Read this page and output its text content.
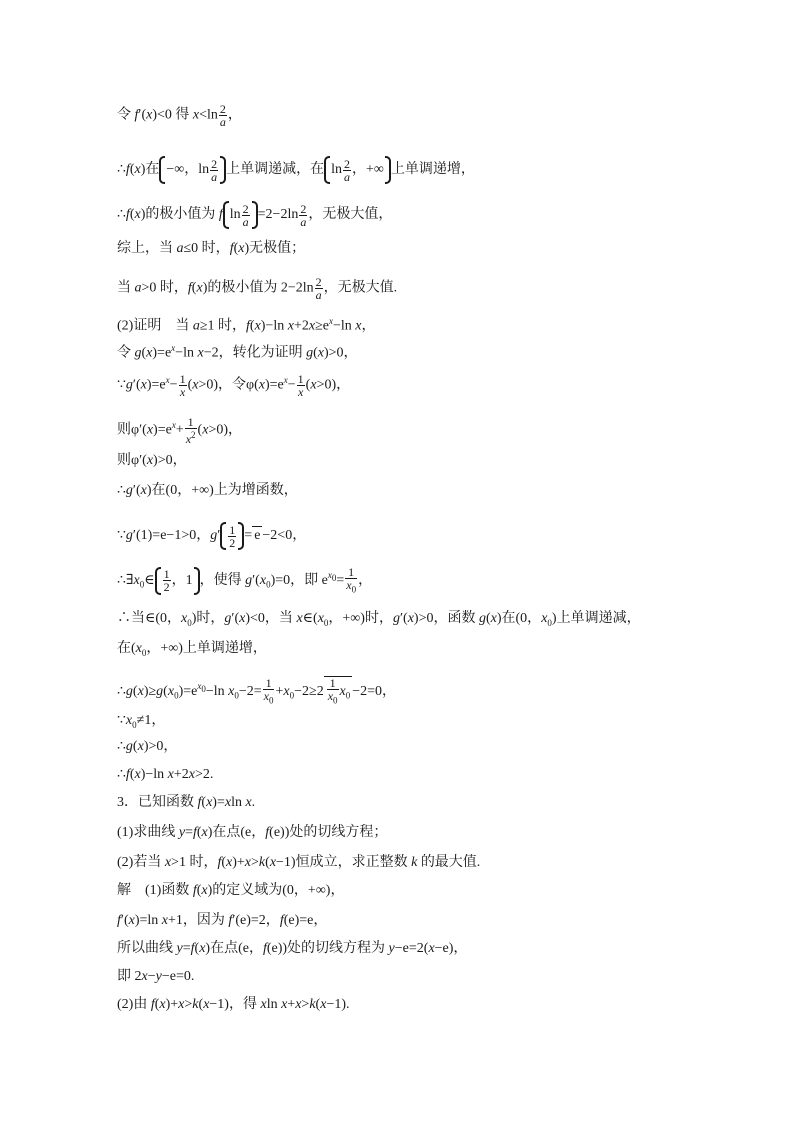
令 f′(x)<0 得 $x<\ln \frac{2}{a}$ ，
∴f(x)在 −∞，$\ln \frac{2}{a}$ 上单调递减，在 $\ln \frac{2}{a}$ ，+∞ 上单调递增，
∴f(x)的极小值为 f $\ln \frac{2}{a} =2-2\ln \frac{2}{a}$ ，无极大值，
综上，当 a≤0 时，f(x)无极值；
当 a>0 时，f(x)的极小值为 $2-2\ln \frac{2}{a}$ ，无极大值.
(2)证明　当 a≥1 时，f(x)−ln $x+2x\ge e^x-\ln$ x，
令 $g(x)=e^x-\ln$ x−2，转化为证明 g(x)>0，
$\because g'(x)=e^x- \frac{1}{x} (x>0)$，令$\varphi(x)=e^x- \frac{1}{x} (x>0)$，
则$\varphi'(x)=e^x+ \frac{1}{x^2} (x>0)$，
则φ′(x)>0，
∴g′(x)在(0，+∞)上为增函数，
∵g′(1)=e−1>0，$g' \frac{1}{2} = e -2<0$，
$\therefore\exists x_0\in \frac{1}{2}$ ，1 ，使得 $g'(x_0)=0$，即 $e^{x_0}= \frac{1}{x_0}$ ，
∴当∈(0，$x_0$)时，g′(x)<0，当 $x\in(x_0$，+∞)时，g′(x)>0，函数 g(x)在(0，$x_0$)上单调递减，
在($x_0$，+∞)上单调递增，
$\therefore g(x)\ge g(x_0)=e^{x_0}-\ln$ $x_0-2= \frac{1}{x_0} +x_0-2\ge 2 \frac{1}{x_0} x_0 -2=0$，
$\because x_0\ne 1$，
∴g(x)>0，
∴f(x)−ln x+2x>2.
3．已知函数 f(x)=xln x.
(1)求曲线 y=f(x)在点(e，f(e))处的切线方程；
(2)若当 x>1 时，f(x)+x>k(x−1)恒成立，求正整数 k 的最大值.
解　(1)函数 f(x)的定义域为(0，+∞)，
f′(x)=ln x+1，因为 f′(e)=2，f(e)=e，
所以曲线 y=f(x)在点(e，f(e))处的切线方程为 y−e=2(x−e)，
即 2x−y−e=0.
(2)由 f(x)+x>k(x−1)，得 xln x+x>k(x−1).
